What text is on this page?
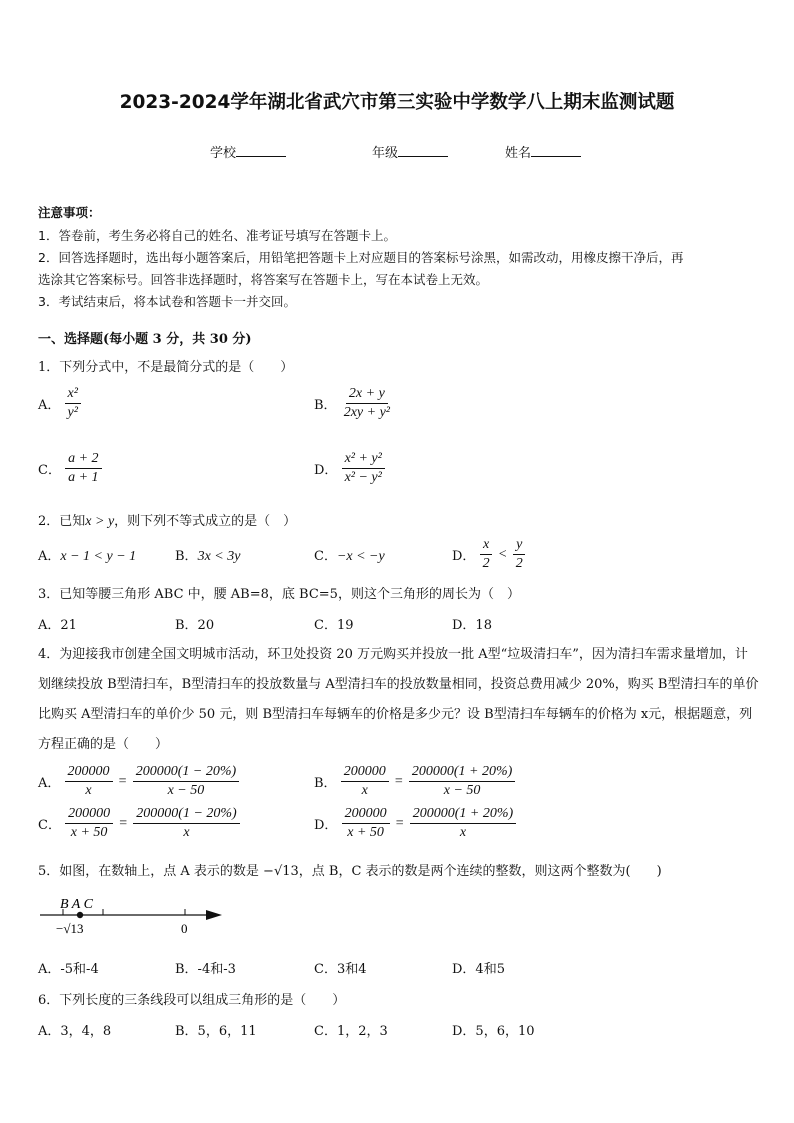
2023-2024学年湖北省武穴市第三实验中学数学八上期末监测试题
学校	年级	姓名
注意事项：
1．答卷前，考生务必将自己的姓名、准考证号填写在答题卡上。
2．回答选择题时，选出每小题答案后，用铅笔把答题卡上对应题目的答案标号涂黑，如需改动，用橡皮擦干净后，再
选涂其它答案标号。回答非选择题时，将答案写在答题卡上，写在本试卷上无效。
3．考试结束后，将本试卷和答题卡一并交回。
一、选择题(每小题 3 分，共 30 分)
1．下列分式中，不是最简分式的是（　　）
A． $\frac{\text{x²}}{\text{y²}}$	B． $\frac{2x + y}{\text{2xy + y²}}$
C． $\frac{a + 2}{a + 1}$	D． $\frac{\text{x² + y²}}{\text{x² − y²}}$
2．已知x > y，则下列不等式成立的是（　）
A．x − 1 < y − 1	B．3x < 3y	C．−x < −y	D． $\frac{x}{2} < \frac{y}{2}$
3．已知等腰三角形 ABC 中，腰 AB=8，底 BC=5，则这个三角形的周长为（　）
A．21	B．20	C．19	D．18
4．为迎接我市创建全国文明城市活动，环卫处投资 20 万元购买并投放一批 A型“垃圾清扫车”，因为清扫车需求量增加，计划继续投放 B型清扫车，B型清扫车的投放数量与 A型清扫车的投放数量相同，投资总费用减少 20%，购买 B型清扫车的单价比购买 A型清扫车的单价少 50 元，则 B型清扫车每辆车的价格是多少元？设 B型清扫车每辆车的价格为 x元，根据题意，列方程正确的是（　　）
A． $\frac{200000}{x} = \frac{200000(1 - 20\%)}{x - 50}$	B． $\frac{200000}{x} = \frac{200000(1 + 20\%)}{x - 50}$
C． $\frac{200000}{x + 50} = \frac{200000(1 - 20\%)}{x}$	D． $\frac{200000}{x + 50} = \frac{200000(1 + 20\%)}{x}$
5．如图，在数轴上，点 A 表示的数是 −√13，点 B，C 表示的数是两个连续的整数，则这两个整数为(　　)
B A C
−√13	0
A．-5和-4	B．-4和-3	C．3和4	D．4和5
6．下列长度的三条线段可以组成三角形的是（　　）
A．3，4，8	B．5，6，11	C．1，2，3	D．5，6，10
